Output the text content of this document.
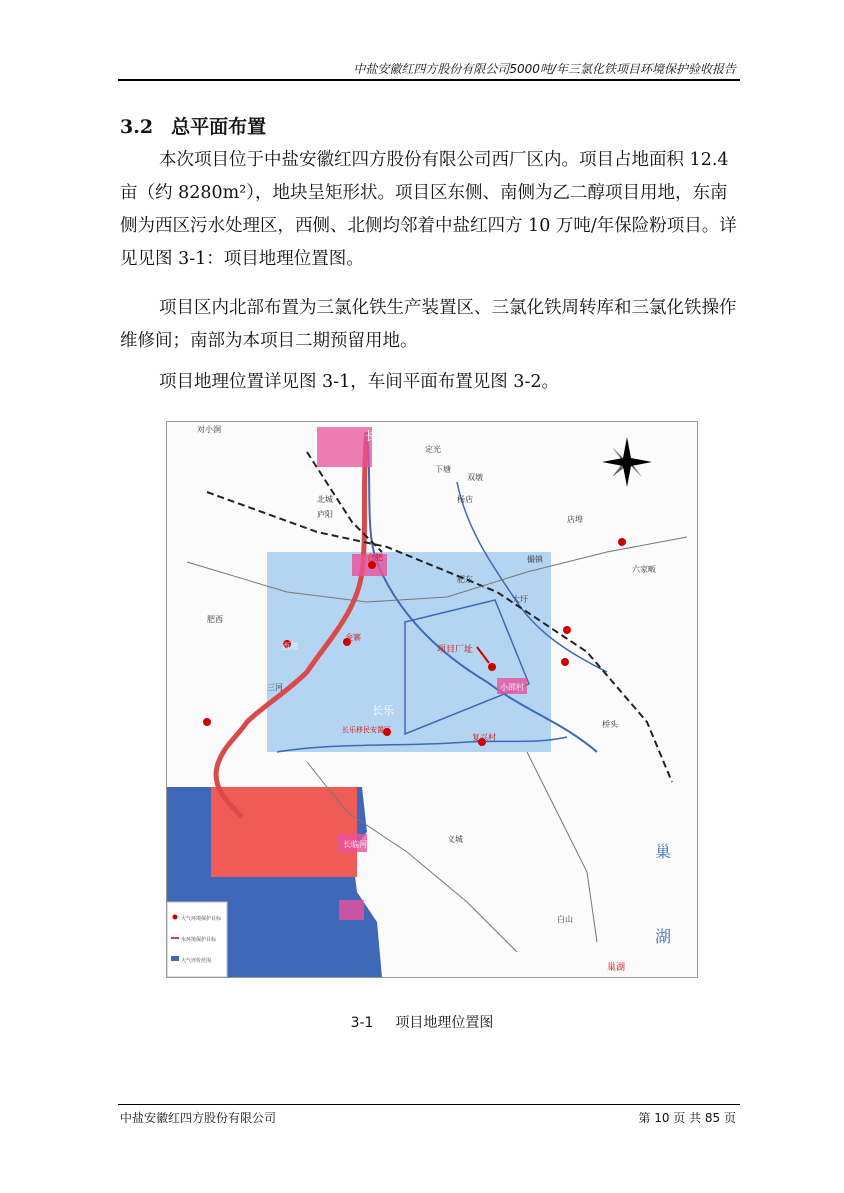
中盐安徽红四方股份有限公司5000吨/年三氯化铁项目环境保护验收报告
3.2 总平面布置

本次项目位于中盐安徽红四方股份有限公司西厂区内。项目占地面积 12.4 亩（约 8280m²），地块呈矩形状。项目区东侧、南侧为乙二醇项目用地，东南侧为西区污水处理区，西侧、北侧均邻着中盐红四方 10 万吨/年保险粉项目。详见见图 3-1：项目地理位置图。

项目区内北部布置为三氯化铁生产装置区、三氯化铁周转库和三氯化铁操作维修间；南部为本项目二期预留用地。

项目地理位置详见图 3-1，车间平面布置见图 3-2。

项目厂址
对小涧	长丰
定光
庐阳
下塘
北城
双墩
合肥
肥东
撮镇
长临河
西郊
长乐
小邵村
大圩
六家畈
复兴村
肥西
三河
白山
桥头
长乐移民安置区
金寨
杨店
店埠
义城
巢
湖
巢湖
大气环境保护目标
水环境保护目标
大气评价范围
3-1 项目地理位置图
中盐安徽红四方股份有限公司	第 10 页 共 85 页
